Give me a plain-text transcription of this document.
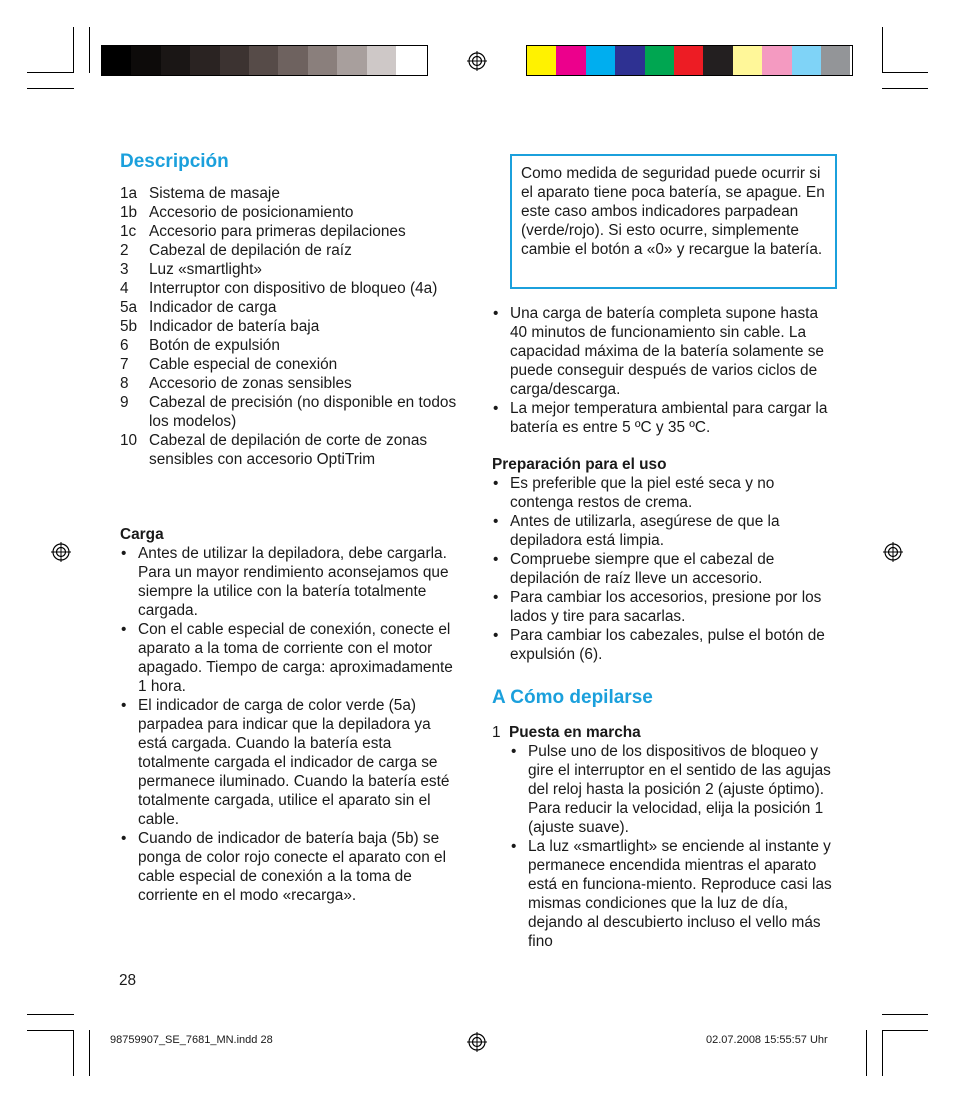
Descripción
1a Sistema de masaje
1b Accesorio de posicionamiento
1c Accesorio para primeras depilaciones
2	Cabezal de depilación de raíz
3	Luz «smartlight»
4	Interruptor con dispositivo de bloqueo (4a)
5a Indicador de carga
5b Indicador de batería baja
6	Botón de expulsión
7	Cable especial de conexión
8	Accesorio de zonas sensibles
9	Cabezal de precisión (no disponible en todos los modelos)
10 Cabezal de depilación de corte de zonas sensibles con accesorio OptiTrim

Carga

• Antes de utilizar la depiladora, debe cargarla. Para un mayor rendimiento aconsejamos que siempre la utilice con la batería totalmente cargada.
• Con el cable especial de conexión, conecte el aparato a la toma de corriente con el motor apagado. Tiempo de carga: aproximadamente 1 hora.
• El indicador de carga de color verde (5a) parpadea para indicar que la depiladora ya está cargada. Cuando la batería esta totalmente cargada el indicador de carga se permanece iluminado. Cuando la batería esté totalmente cargada, utilice el aparato sin el cable.
• Cuando de indicador de batería baja (5b) se ponga de color rojo conecte el aparato con el cable especial de conexión a la toma de corriente en el modo «recarga».
28
Como medida de seguridad puede ocurrir si el aparato tiene poca batería, se apague. En este caso ambos indicadores parpadean (verde/rojo). Si esto ocurre, simplemente cambie el botón a «0» y recargue la batería.
• Una carga de batería completa supone hasta 40 minutos de funcionamiento sin cable. La capacidad máxima de la batería solamente se puede conseguir después de varios ciclos de carga/descarga.
• La mejor temperatura ambiental para cargar la batería es entre 5 ºC y 35 ºC.

Preparación para el uso

• Es preferible que la piel esté seca y no contenga restos de crema.
• Antes de utilizarla, asegúrese de que la depiladora está limpia.
• Compruebe siempre que el cabezal de depilación de raíz lleve un accesorio.
• Para cambiar los accesorios, presione por los lados y tire para sacarlas.
• Para cambiar los cabezales, pulse el botón de expulsión (6).
A Cómo depilarse
1 Puesta en marcha
• Pulse uno de los dispositivos de bloqueo y gire el interruptor en el sentido de las agujas del reloj hasta la posición 2 (ajuste óptimo). Para reducir la velocidad, elija la posición 1 (ajuste suave).
• La luz «smartlight» se enciende al instante y permanece encendida mientras el aparato está en funciona-miento. Reproduce casi las mismas condiciones que la luz de día, dejando al descubierto incluso el vello más fino
98759907_SE_7681_MN.indd 28	02.07.2008 15:55:57 Uhr
